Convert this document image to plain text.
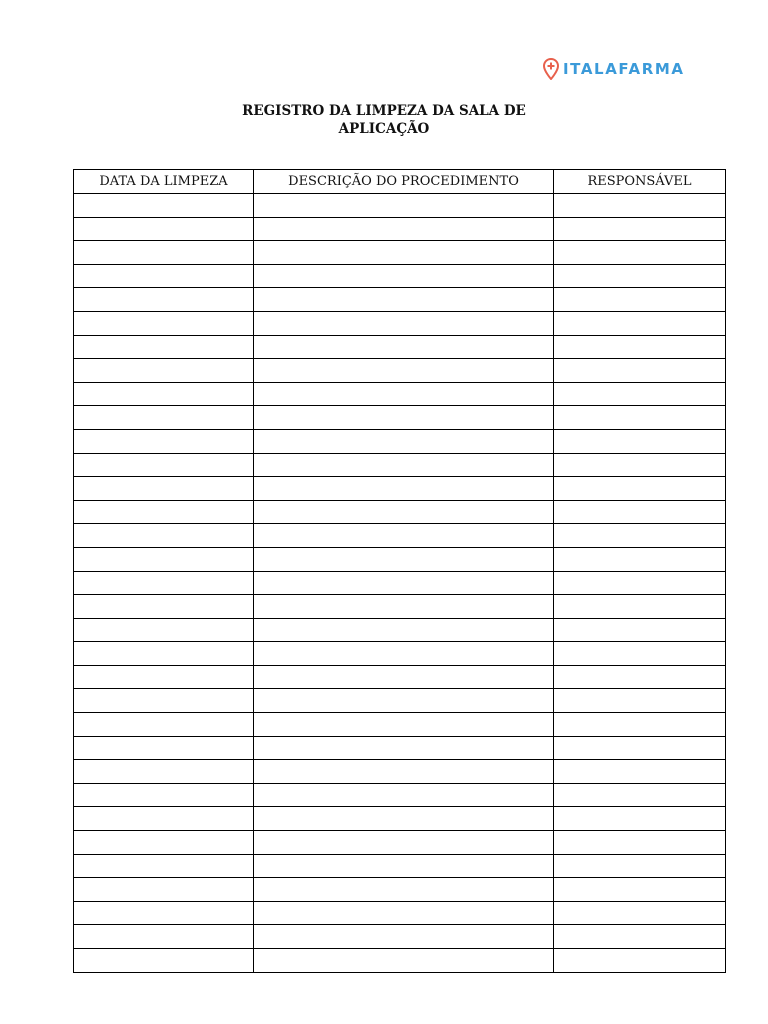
ITALAFARMA
REGISTRO DA LIMPEZA DA SALA DE
APLICAÇÃO
DATA DA LIMPEZA	DESCRIÇÃO DO PROCEDIMENTO	RESPONSÁVEL
